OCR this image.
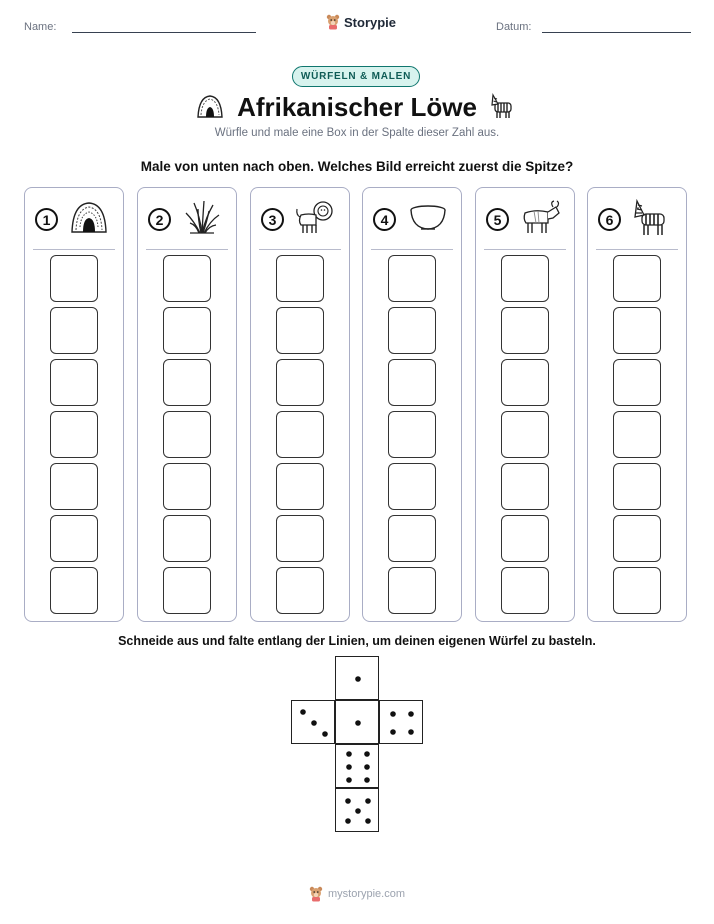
Name:	Storypie	Datum:
WÜRFELN & MALEN
Afrikanischer Löwe
Würfle und male eine Box in der Spalte dieser Zahl aus.
Male von unten nach oben. Welches Bild erreicht zuerst die Spitze?
1	2	3	4	5	6
Schneide aus und falte entlang der Linien, um deinen eigenen Würfel zu basteln.
mystorypie.com
